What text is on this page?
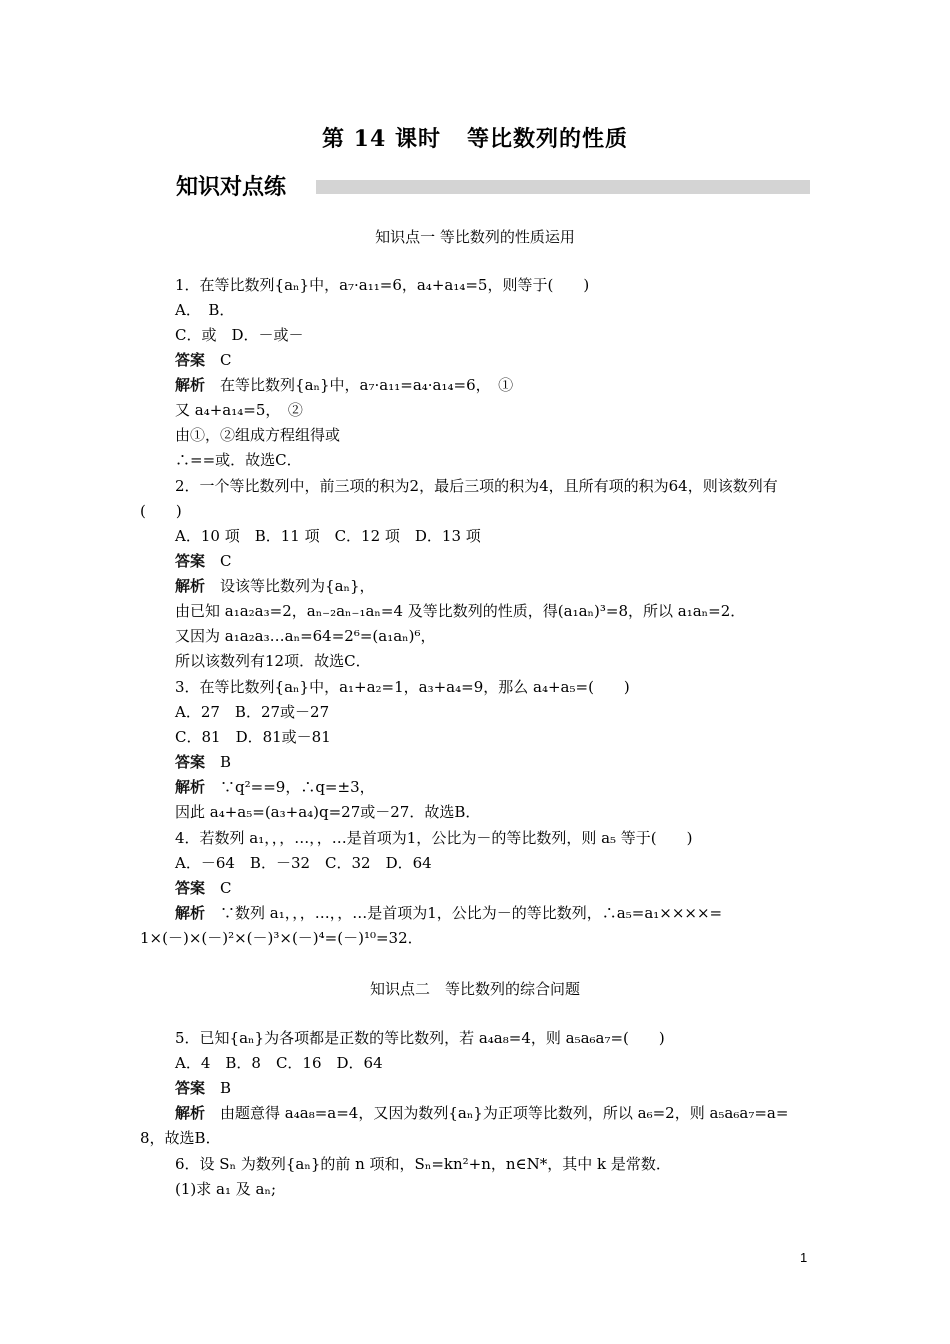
第 14 课时 等比数列的性质
知识对点练
知识点一 等比数列的性质运用
1．在等比数列{aₙ}中，a₇·a₁₁=6，a₄+a₁₄=5，则等于(　　)
A．　B．
C．或　D．－或－
答案　 C
解析　 在等比数列{aₙ}中，a₇·a₁₁=a₄·a₁₄=6，　①
又 a₄+a₁₄=5，　②
由①，②组成方程组得或
∴==或．故选C．
2．一个等比数列中，前三项的积为2，最后三项的积为4，且所有项的积为64，则该数列有
(　　)
A．10 项　B．11 项　C．12 项　D．13 项
答案　 C
解析　 设该等比数列为{aₙ}，
由已知 a₁a₂a₃=2，aₙ₋₂aₙ₋₁aₙ=4 及等比数列的性质，得(a₁aₙ)³=8，所以 a₁aₙ=2．
又因为 a₁a₂a₃…aₙ=64=2⁶=(a₁aₙ)⁶，
所以该数列有12项．故选C．
3．在等比数列{aₙ}中，a₁+a₂=1，a₃+a₄=9，那么 a₄+a₅=(　　)
A．27　B．27或－27
C．81　D．81或－81
答案　 B
解析　 ∵q²==9，∴q=±3，
因此 a₄+a₅=(a₃+a₄)q=27或－27．故选B．
4．若数列 a₁，，，…，，…是首项为1，公比为－的等比数列，则 a₅ 等于(　　)
A．－64　B．－32　C．32　D．64
答案　 C
解析　 ∵数列 a₁，，，…，，…是首项为1，公比为－的等比数列，∴a₅=a₁××××=
1×(－)×(－)²×(－)³×(－)⁴=(－)¹⁰=32．
知识点二　等比数列的综合问题
5．已知{aₙ}为各项都是正数的等比数列，若 a₄a₈=4，则 a₅a₆a₇=(　　)
A．4　B．8　C．16　D．64
答案　 B
解析　 由题意得 a₄a₈=a=4，又因为数列{aₙ}为正项等比数列，所以 a₆=2，则 a₅a₆a₇=a=
8，故选B．
6．设 Sₙ 为数列{aₙ}的前 n 项和，Sₙ=kn²+n，n∈N*，其中 k 是常数．
(1)求 a₁ 及 aₙ;
1
